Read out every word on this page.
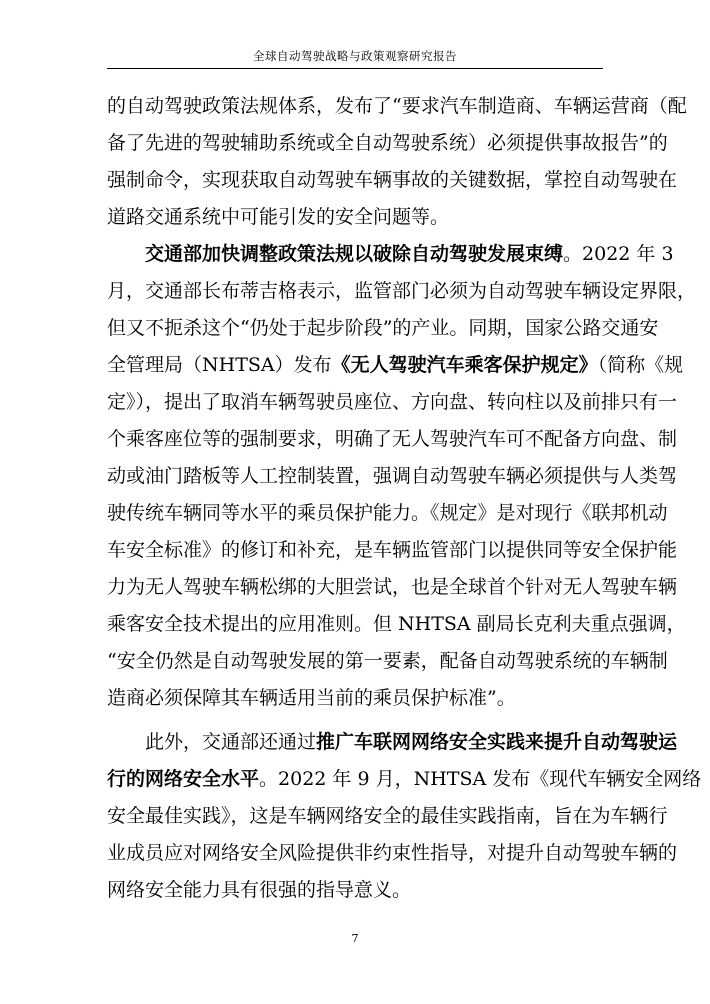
全球自动驾驶战略与政策观察研究报告
的自动驾驶政策法规体系，发布了“要求汽车制造商、车辆运营商（配
备了先进的驾驶辅助系统或全自动驾驶系统）必须提供事故报告”的
强制命令，实现获取自动驾驶车辆事故的关键数据，掌控自动驾驶在
道路交通系统中可能引发的安全问题等。
交通部加快调整政策法规以破除自动驾驶发展束缚。2022 年 3
月，交通部长布蒂吉格表示，监管部门必须为自动驾驶车辆设定界限，
但又不扼杀这个“仍处于起步阶段”的产业。同期，国家公路交通安
全管理局（NHTSA）发布《无人驾驶汽车乘客保护规定》（简称《规
定》），提出了取消车辆驾驶员座位、方向盘、转向柱以及前排只有一
个乘客座位等的强制要求，明确了无人驾驶汽车可不配备方向盘、制
动或油门踏板等人工控制装置，强调自动驾驶车辆必须提供与人类驾
驶传统车辆同等水平的乘员保护能力。《规定》是对现行《联邦机动
车安全标准》的修订和补充，是车辆监管部门以提供同等安全保护能
力为无人驾驶车辆松绑的大胆尝试，也是全球首个针对无人驾驶车辆
乘客安全技术提出的应用准则。但 NHTSA 副局长克利夫重点强调，
“安全仍然是自动驾驶发展的第一要素，配备自动驾驶系统的车辆制
造商必须保障其车辆适用当前的乘员保护标准”。
此外，交通部还通过推广车联网网络安全实践来提升自动驾驶运
行的网络安全水平。2022 年 9 月，NHTSA 发布《现代车辆安全网络
安全最佳实践》，这是车辆网络安全的最佳实践指南，旨在为车辆行
业成员应对网络安全风险提供非约束性指导，对提升自动驾驶车辆的
网络安全能力具有很强的指导意义。
7
